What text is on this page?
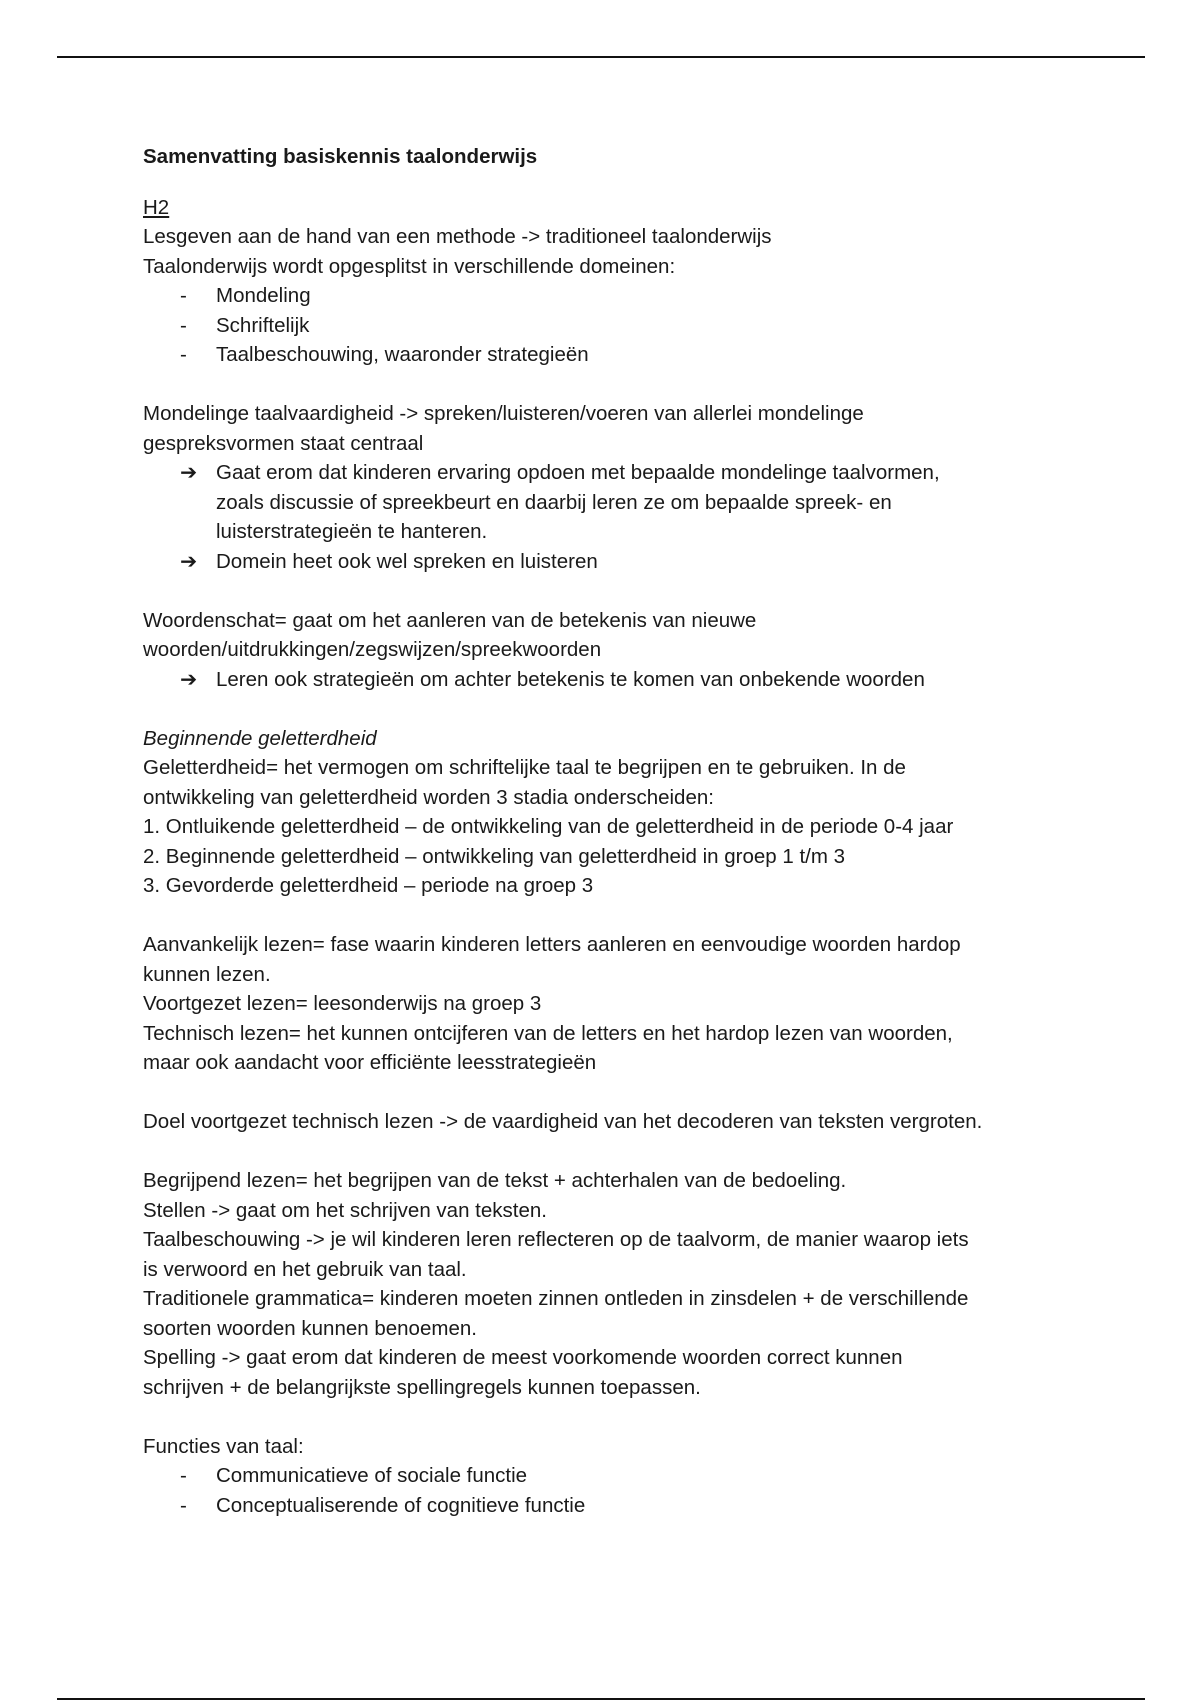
Samenvatting basiskennis taalonderwijs
H2
Lesgeven aan de hand van een methode -> traditioneel taalonderwijs
Taalonderwijs wordt opgesplitst in verschillende domeinen:
- Mondeling
- Schriftelijk
- Taalbeschouwing, waaronder strategieën
Mondelinge taalvaardigheid -> spreken/luisteren/voeren van allerlei mondelinge
gespreksvormen staat centraal
➔ Gaat erom dat kinderen ervaring opdoen met bepaalde mondelinge taalvormen,
zoals discussie of spreekbeurt en daarbij leren ze om bepaalde spreek- en
luisterstrategieën te hanteren.
➔ Domein heet ook wel spreken en luisteren
Woordenschat= gaat om het aanleren van de betekenis van nieuwe
woorden/uitdrukkingen/zegswijzen/spreekwoorden
➔ Leren ook strategieën om achter betekenis te komen van onbekende woorden
Beginnende geletterdheid
Geletterdheid= het vermogen om schriftelijke taal te begrijpen en te gebruiken. In de
ontwikkeling van geletterdheid worden 3 stadia onderscheiden:
1. Ontluikende geletterdheid – de ontwikkeling van de geletterdheid in de periode 0-4 jaar
2. Beginnende geletterdheid – ontwikkeling van geletterdheid in groep 1 t/m 3
3. Gevorderde geletterdheid – periode na groep 3
Aanvankelijk lezen= fase waarin kinderen letters aanleren en eenvoudige woorden hardop
kunnen lezen.
Voortgezet lezen= leesonderwijs na groep 3
Technisch lezen= het kunnen ontcijferen van de letters en het hardop lezen van woorden,
maar ook aandacht voor efficiënte leesstrategieën
Doel voortgezet technisch lezen -> de vaardigheid van het decoderen van teksten vergroten.
Begrijpend lezen= het begrijpen van de tekst + achterhalen van de bedoeling.
Stellen -> gaat om het schrijven van teksten.
Taalbeschouwing -> je wil kinderen leren reflecteren op de taalvorm, de manier waarop iets
is verwoord en het gebruik van taal.
Traditionele grammatica= kinderen moeten zinnen ontleden in zinsdelen + de verschillende
soorten woorden kunnen benoemen.
Spelling -> gaat erom dat kinderen de meest voorkomende woorden correct kunnen
schrijven + de belangrijkste spellingregels kunnen toepassen.
Functies van taal:
- Communicatieve of sociale functie
- Conceptualiserende of cognitieve functie
